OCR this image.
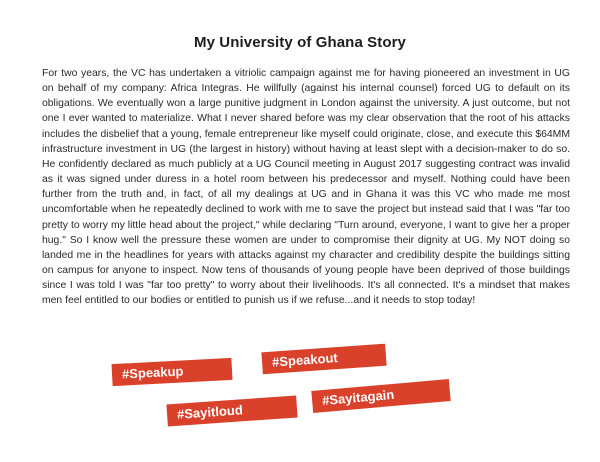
My University of Ghana Story

For two years, the VC has undertaken a vitriolic campaign against me for having pioneered an investment in UG on behalf of my company: Africa Integras. He willfully (against his internal counsel) forced UG to default on its obligations. We eventually won a large punitive judgment in London against the university. A just outcome, but not one I ever wanted to materialize. What I never shared before was my clear observation that the root of his attacks includes the disbelief that a young, female entrepreneur like myself could originate, close, and execute this $64MM infrastructure investment in UG (the largest in history) without having at least slept with a decision-maker to do so. He confidently declared as much publicly at a UG Council meeting in August 2017 suggesting contract was invalid as it was signed under duress in a hotel room between his predecessor and myself. Nothing could have been further from the truth and, in fact, of all my dealings at UG and in Ghana it was this VC who made me most uncomfortable when he repeatedly declined to work with me to save the project but instead said that I was "far too pretty to worry my little head about the project," while declaring "Turn around, everyone, I want to give her a proper hug." So I know well the pressure these women are under to compromise their dignity at UG. My NOT doing so landed me in the headlines for years with attacks against my character and credibility despite the buildings sitting on campus for anyone to inspect. Now tens of thousands of young people have been deprived of those buildings since I was told I was "far too pretty" to worry about their livelihoods. It's all connected. It's a mindset that makes men feel entitled to our bodies or entitled to punish us if we refuse...and it needs to stop today!

#Speakup
#Speakout
#Sayitloud
#Sayitagain
